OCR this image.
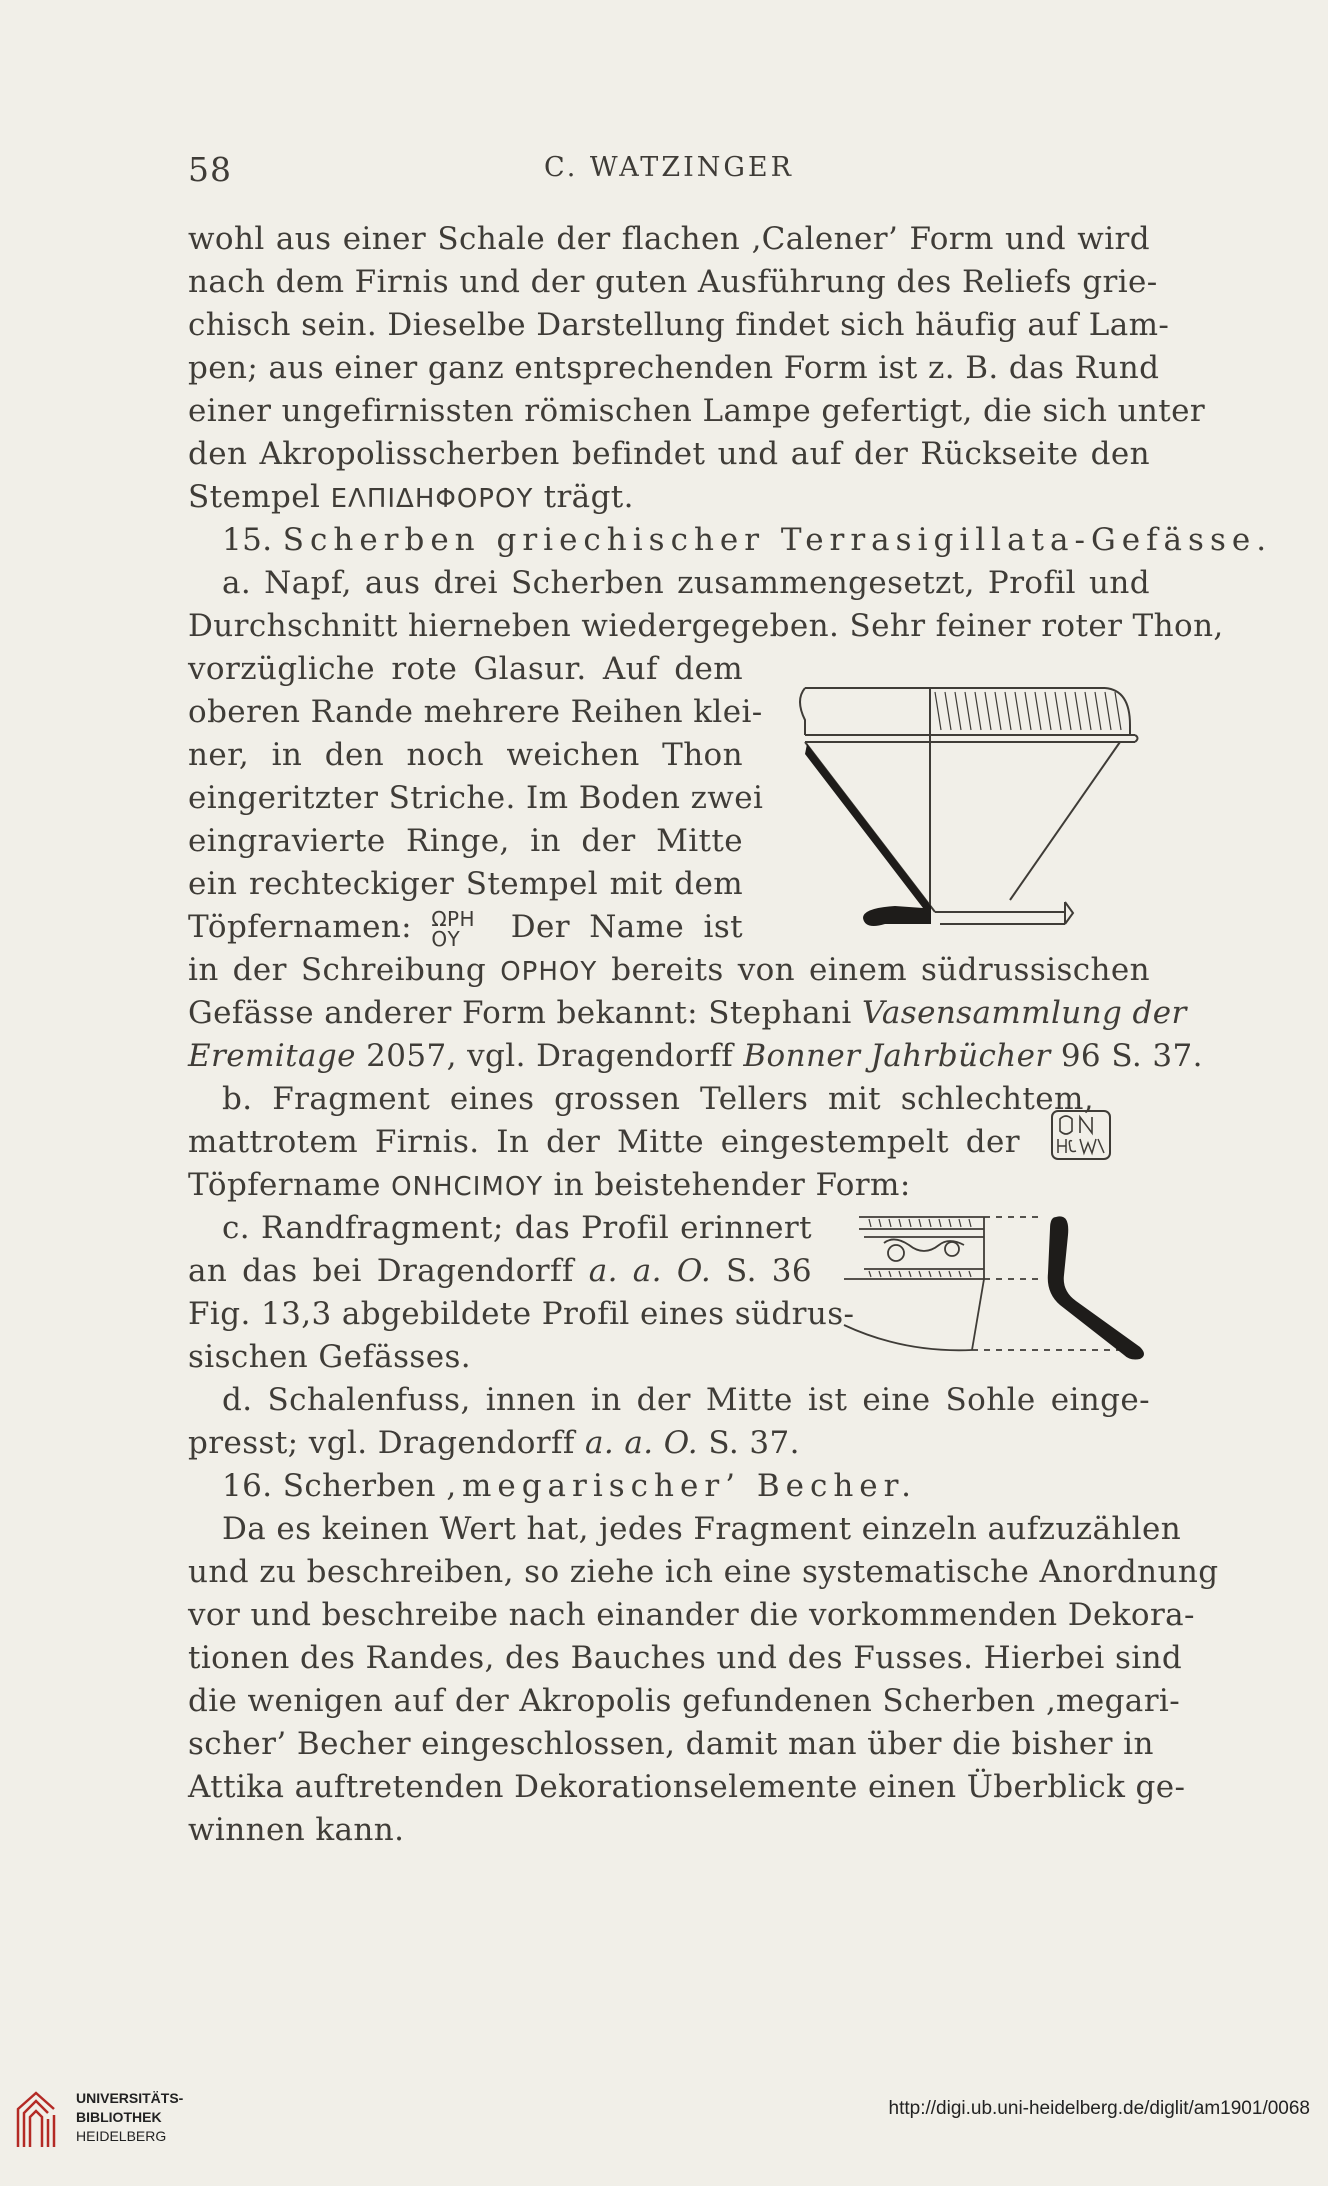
58	C. WATZINGER
wohl aus einer Schale der flachen ‚Calener’ Form und wird
nach dem Firnis und der guten Ausführung des Reliefs grie-
chisch sein. Dieselbe Darstellung findet sich häufig auf Lam-
pen; aus einer ganz entsprechenden Form ist z. B. das Rund
einer ungefirnissten römischen Lampe gefertigt, die sich unter
den Akropolisscherben befindet und auf der Rückseite den
Stempel ΕΛΠΙΔΗΦΟΡΟΥ trägt.
15. Scherben griechischer Terrasigillata-Gefässe.
a. Napf, aus drei Scherben zusammengesetzt, Profil und
Durchschnitt hierneben wiedergegeben. Sehr feiner roter Thon,
vorzügliche rote Glasur. Auf dem
oberen Rande mehrere Reihen klei-
ner, in den noch weichen Thon
eingeritzter Striche. Im Boden zwei
eingravierte Ringe, in der Mitte
ein rechteckiger Stempel mit dem
Töpfernamen: ΩΡΗ
ΟΥ	Der Name ist
in der Schreibung ΟΡΗΟΥ bereits von einem südrussischen
Gefässe anderer Form bekannt: Stephani Vasensammlung der
Eremitage 2057, vgl. Dragendorff Bonner Jahrbücher 96 S. 37.
b. Fragment eines grossen Tellers mit schlechtem,
mattrotem Firnis. In der Mitte eingestempelt der
Töpfername ΟΝΗϹΙΜΟΥ in beistehender Form:
c. Randfragment; das Profil erinnert
an das bei Dragendorff a. a. O. S. 36
Fig. 13,3 abgebildete Profil eines südrus-
sischen Gefässes.
d. Schalenfuss, innen in der Mitte ist eine Sohle einge-
presst; vgl. Dragendorff a. a. O. S. 37.
16. Scherben ‚megarischer’ Becher.
Da es keinen Wert hat, jedes Fragment einzeln aufzuzählen
und zu beschreiben, so ziehe ich eine systematische Anordnung
vor und beschreibe nach einander die vorkommenden Dekora-
tionen des Randes, des Bauches und des Fusses. Hierbei sind
die wenigen auf der Akropolis gefundenen Scherben ‚megari-
scher’ Becher eingeschlossen, damit man über die bisher in
Attika auftretenden Dekorationselemente einen Überblick ge-
winnen kann.
UNIVERSITÄTS-
BIBLIOTHEK
HEIDELBERG
http://digi.ub.uni-heidelberg.de/diglit/am1901/0068
